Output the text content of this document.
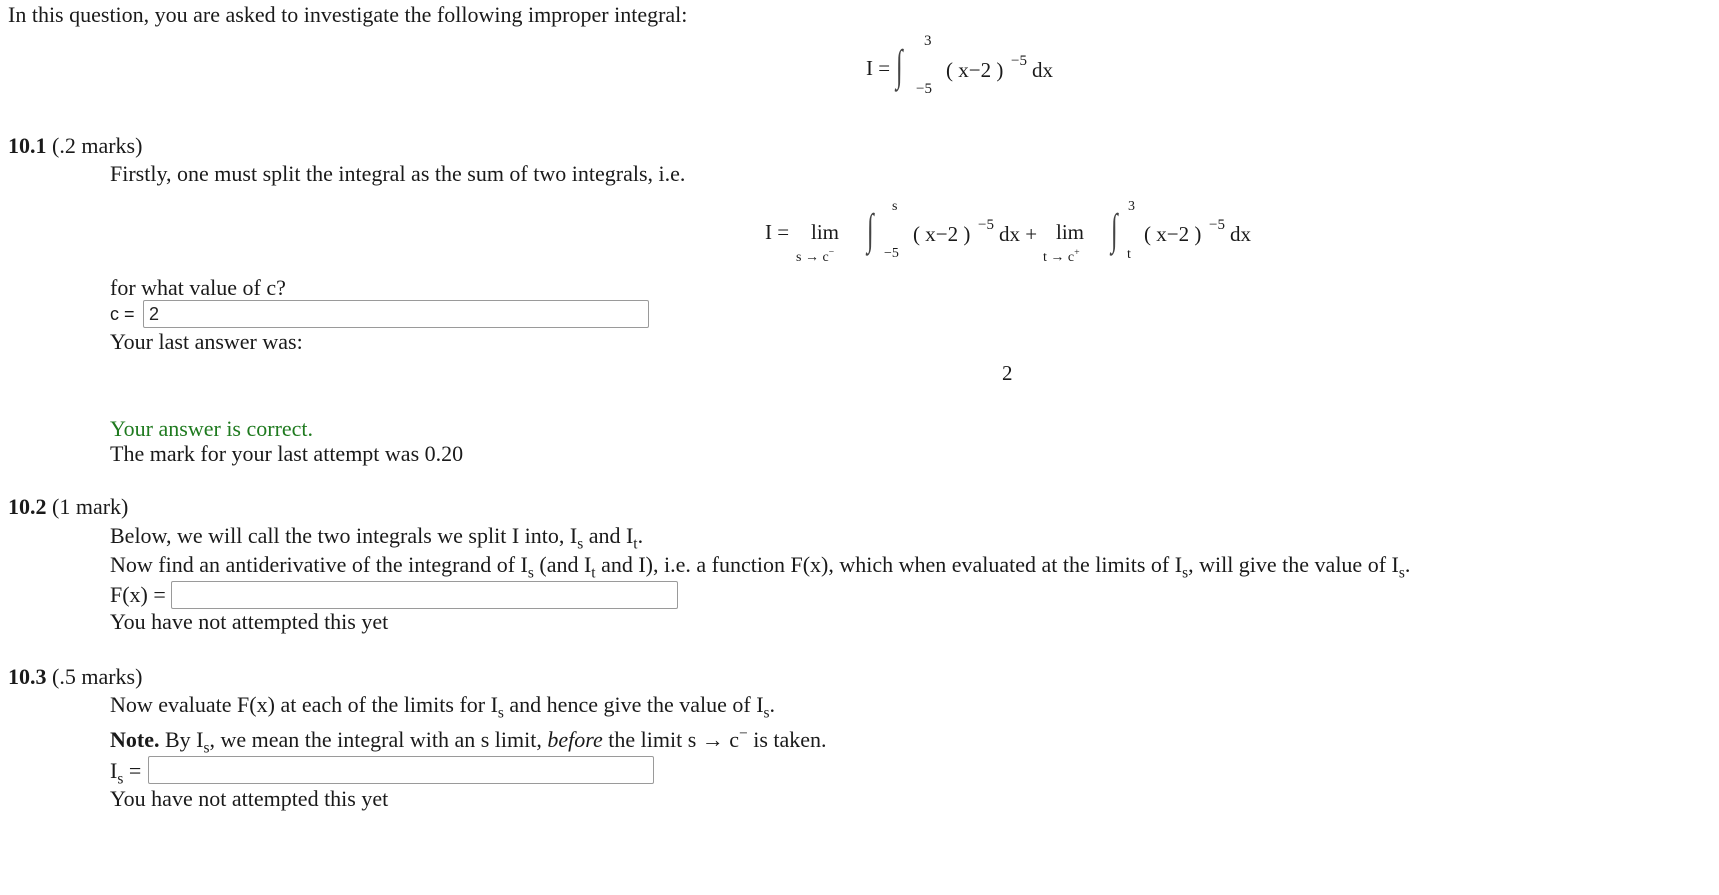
In this question, you are asked to investigate the following improper integral:
I = ∫ 3
−5
( x−2 ) −5 dx
10.1 (.2 marks)
Firstly, one must split the integral as the sum of two integrals, i.e.
I = lim
s → c− ∫ s
−5
( x−2 ) −5 dx + lim
t → c+ ∫ 3
t
( x−2 ) −5 dx
for what value of c?
c =
2
Your last answer was:
2
Your answer is correct.
The mark for your last attempt was 0.20
10.2 (1 mark)
Below, we will call the two integrals we split I into, $I_s$ and $I_t$.
Now find an antiderivative of the integrand of $I_s$ (and $I_t$ and I), i.e. a function F(x), which when evaluated at the limits of $I_s$, will give the value of $I_s$.
F(x) =
You have not attempted this yet
10.3 (.5 marks)
Now evaluate F(x) at each of the limits for $I_s$ and hence give the value of $I_s$.
Note. By $I_s$, we mean the integral with an s limit, before the limit s → c− is taken.
$I_s$ =
You have not attempted this yet
